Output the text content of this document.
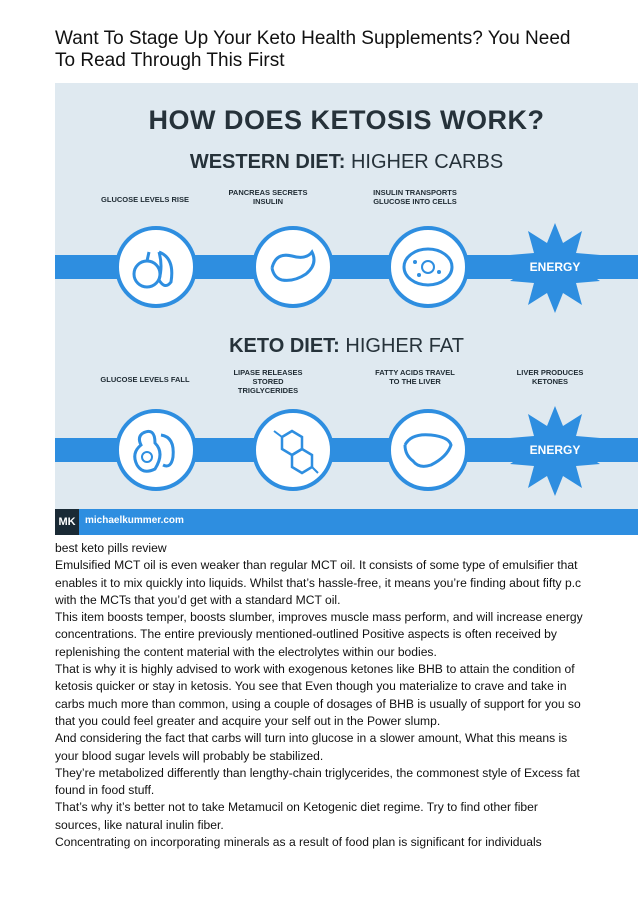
Want To Stage Up Your Keto Health Supplements? You Need To Read Through This First
HOW DOES KETOSIS WORK?
WESTERN DIET: HIGHER CARBS
GLUCOSE LEVELS RISE
PANCREAS SECRETS INSULIN
INSULIN TRANSPORTS GLUCOSE INTO CELLS
ENERGY
KETO DIET: HIGHER FAT
GLUCOSE LEVELS FALL
LIPASE RELEASES STORED TRIGLYCERIDES
FATTY ACIDS TRAVEL TO THE LIVER
LIVER PRODUCES KETONES
ENERGY
MK michaelkummer.com

best keto pills review

Emulsified MCT oil is even weaker than regular MCT oil. It consists of some type of emulsifier that enables it to mix quickly into liquids. Whilst that’s hassle-free, it means you’re finding about fifty p.c with the MCTs that you’d get with a standard MCT oil.

This item boosts temper, boosts slumber, improves muscle mass perform, and will increase energy concentrations. The entire previously mentioned-outlined Positive aspects is often received by replenishing the content material with the electrolytes within our bodies.

That is why it is highly advised to work with exogenous ketones like BHB to attain the condition of ketosis quicker or stay in ketosis. You see that Even though you materialize to crave and take in carbs much more than common, using a couple of dosages of BHB is usually of support for you so that you could feel greater and acquire your self out in the Power slump.

And considering the fact that carbs will turn into glucose in a slower amount, What this means is your blood sugar levels will probably be stabilized.

They’re metabolized differently than lengthy-chain triglycerides, the commonest style of Excess fat found in food stuff.

That’s why it’s better not to take Metamucil on Ketogenic diet regime. Try to find other fiber sources, like natural inulin fiber.

Concentrating on incorporating minerals as a result of food plan is significant for individuals
